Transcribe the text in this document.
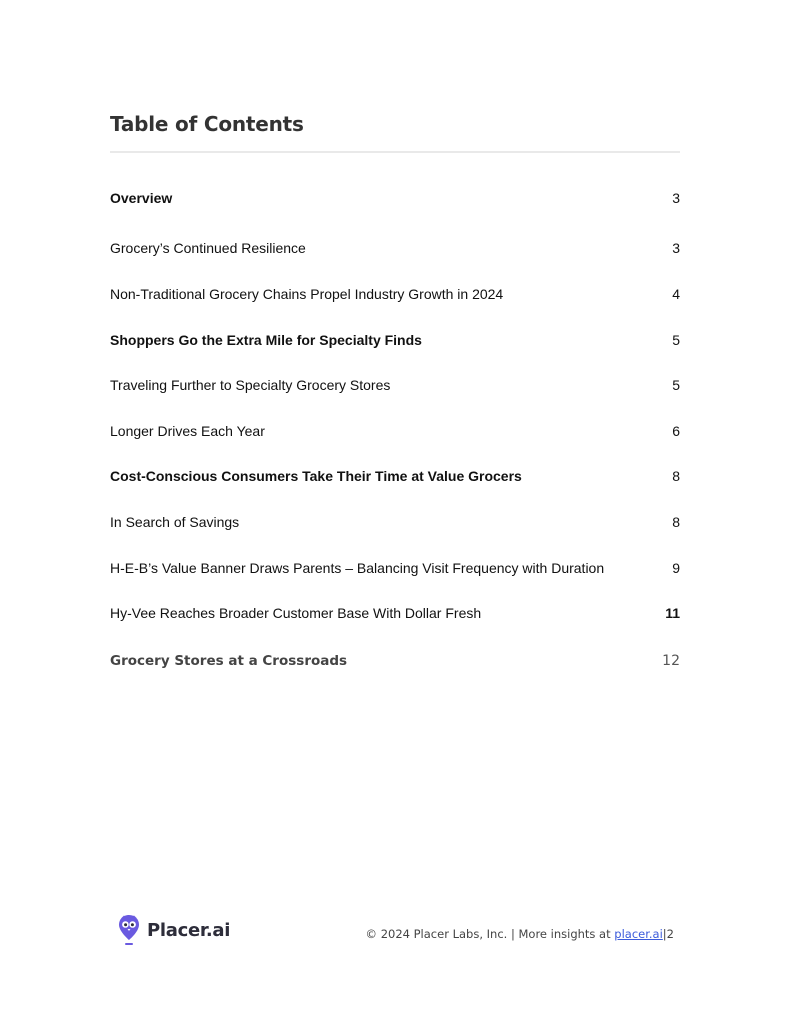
Table of Contents
Overview	3
Grocery’s Continued Resilience	3
Non-Traditional Grocery Chains Propel Industry Growth in 2024	4
Shoppers Go the Extra Mile for Specialty Finds	5
Traveling Further to Specialty Grocery Stores	5
Longer Drives Each Year	6
Cost-Conscious Consumers Take Their Time at Value Grocers	8
In Search of Savings	8
H-E-B’s Value Banner Draws Parents – Balancing Visit Frequency with Duration	9
Hy-Vee Reaches Broader Customer Base With Dollar Fresh	11
Grocery Stores at a Crossroads	12
Placer.ai	© 2024 Placer Labs, Inc. | More insights at placer.ai|2
